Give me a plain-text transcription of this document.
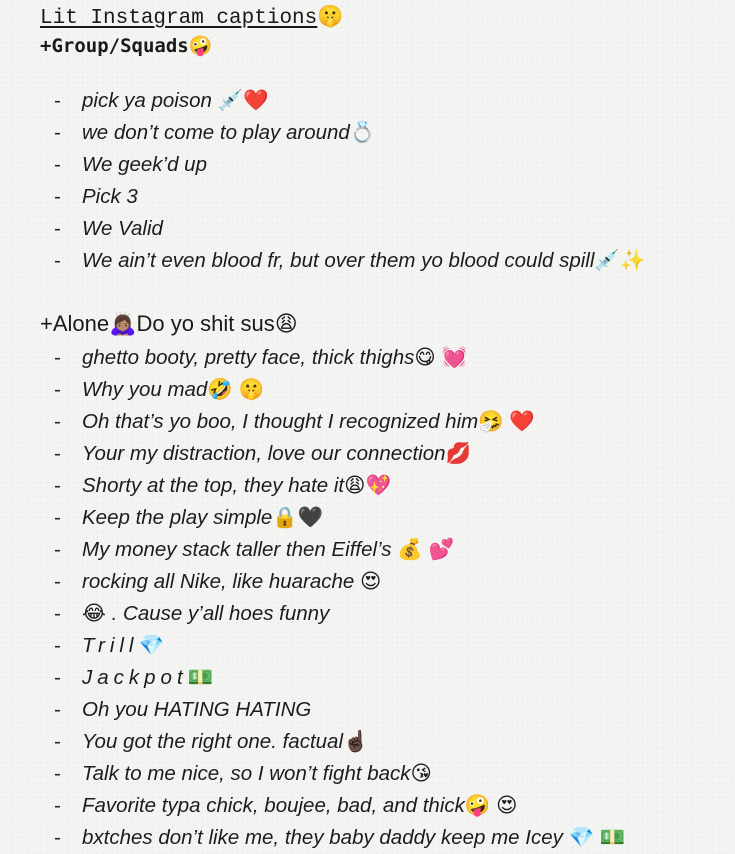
Lit Instagram captions🤫
+Group/Squads🤪
- pick ya poison 💉❤️
- we don’t come to play around💍
- We geek’d up
- Pick 3
- We Valid
- We ain’t even blood fr, but over them yo blood could spill💉✨
+Alone🙇🏽‍♀️Do yo shit sus😩
- ghetto booty, pretty face, thick thighs😋 💓
- Why you mad🤣 🤫
- Oh that’s yo boo, I thought I recognized him🤧 ❤️
- Your my distraction, love our connection💋
- Shorty at the top, they hate it😩💖
- Keep the play simple🔒🖤
- My money stack taller then Eiffel’s 💰 💕
- rocking all Nike, like huarache 😍
- 😂 . Cause y’all hoes funny
- Trill💎
- Jackpot💵
- Oh you HATING HATING
- You got the right one. factual☝🏿
- Talk to me nice, so I won’t fight back😘
- Favorite typa chick, boujee, bad, and thick🤪 😍
- bxtches don’t like me, they baby daddy keep me Icey 💎 💵
